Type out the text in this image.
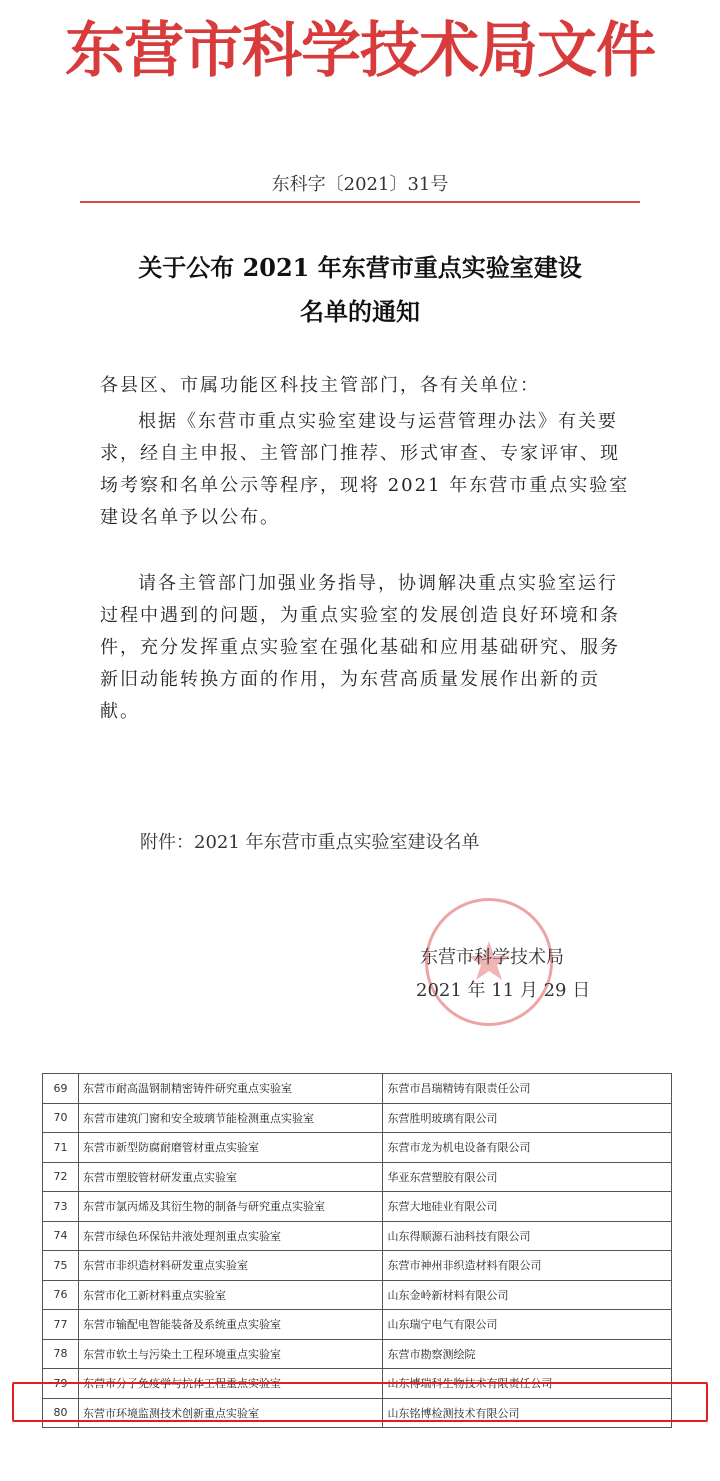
东营市科学技术局文件
东科字〔2021〕31号
关于公布 2021 年东营市重点实验室建设
名单的通知
各县区、市属功能区科技主管部门，各有关单位：
根据《东营市重点实验室建设与运营管理办法》有关要求，经自主申报、主管部门推荐、形式审查、专家评审、现场考察和名单公示等程序，现将 2021 年东营市重点实验室建设名单予以公布。
请各主管部门加强业务指导，协调解决重点实验室运行过程中遇到的问题，为重点实验室的发展创造良好环境和条件，充分发挥重点实验室在强化基础和应用基础研究、服务新旧动能转换方面的作用，为东营高质量发展作出新的贡献。
附件：2021 年东营市重点实验室建设名单
东营市科学技术局
2021 年 11 月 29 日
69	东营市耐高温钢制精密铸件研究重点实验室	东营市昌瑞精铸有限责任公司
70	东营市建筑门窗和安全玻璃节能检测重点实验室	东营胜明玻璃有限公司
71	东营市新型防腐耐磨管材重点实验室	东营市龙为机电设备有限公司
72	东营市塑胶管材研发重点实验室	华亚东营塑胶有限公司
73	东营市氯丙烯及其衍生物的制备与研究重点实验室	东营大地硅业有限公司
74	东营市绿色环保钻井液处理剂重点实验室	山东得顺源石油科技有限公司
75	东营市非织造材料研发重点实验室	东营市神州非织造材料有限公司
76	东营市化工新材料重点实验室	山东金岭新材料有限公司
77	东营市输配电智能装备及系统重点实验室	山东瑞宁电气有限公司
78	东营市软土与污染土工程环境重点实验室	东营市勘察测绘院
79	东营市分子免疫学与抗体工程重点实验室	山东博瑞科生物技术有限责任公司
80	东营市环境监测技术创新重点实验室	山东铭博检测技术有限公司
